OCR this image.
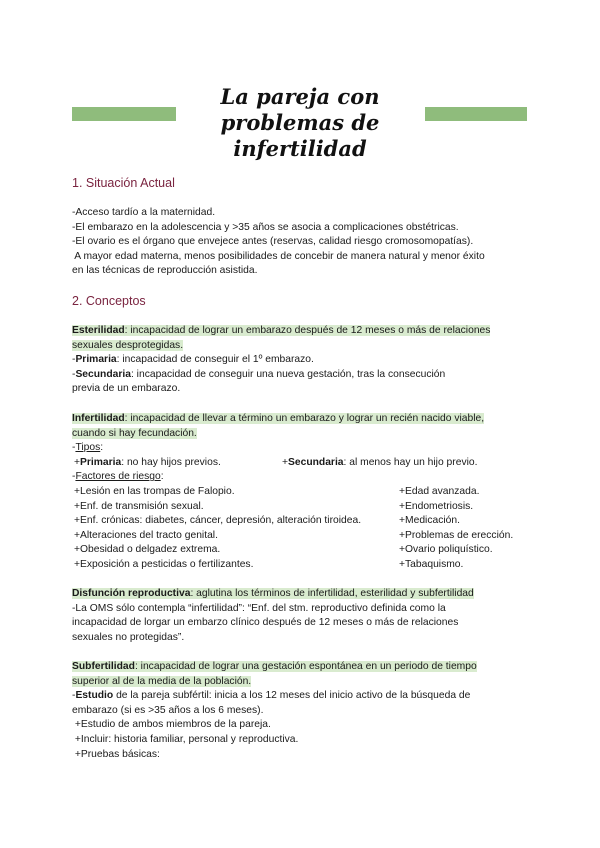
La pareja con problemas de
infertilidad
1. Situación Actual
-Acceso tardío a la maternidad.
-El embarazo en la adolescencia y >35 años se asocia a complicaciones obstétricas.
-El ovario es el órgano que envejece antes (reservas, calidad riesgo cromosomopatías).
A mayor edad materna, menos posibilidades de concebir de manera natural y menor éxito
en las técnicas de reproducción asistida.
2. Conceptos
Esterilidad: incapacidad de lograr un embarazo después de 12 meses o más de relaciones
sexuales desprotegidas.
-Primaria: incapacidad de conseguir el 1º embarazo.
-Secundaria: incapacidad de conseguir una nueva gestación, tras la consecución
previa de un embarazo.
Infertilidad: incapacidad de llevar a término un embarazo y lograr un recién nacido viable,
cuando si hay fecundación.
-Tipos:
+Primaria: no hay hijos previos.	+Secundaria: al menos hay un hijo previo.
-Factores de riesgo:
+Lesión en las trompas de Falopio.
+Enf. de transmisión sexual.
+Enf. crónicas: diabetes, cáncer, depresión, alteración tiroidea.
+Alteraciones del tracto genital.
+Obesidad o delgadez extrema.
+Exposición a pesticidas o fertilizantes.
+Edad avanzada.
+Endometriosis.
+Medicación.
+Problemas de erección.
+Ovario poliquístico.
+Tabaquismo.
Disfunción reproductiva: aglutina los términos de infertilidad, esterilidad y subfertilidad
-La OMS sólo contempla “infertilidad”: “Enf. del stm. reproductivo definida como la
incapacidad de lorgar un embarzo clínico después de 12 meses o más de relaciones
sexuales no protegidas”.
Subfertilidad: incapacidad de lograr una gestación espontánea en un periodo de tiempo
superior al de la media de la población.
-Estudio de la pareja subfértil: inicia a los 12 meses del inicio activo de la búsqueda de
embarazo (si es >35 años a los 6 meses).
+Estudio de ambos miembros de la pareja.
+Incluir: historia familiar, personal y reproductiva.
+Pruebas básicas:
